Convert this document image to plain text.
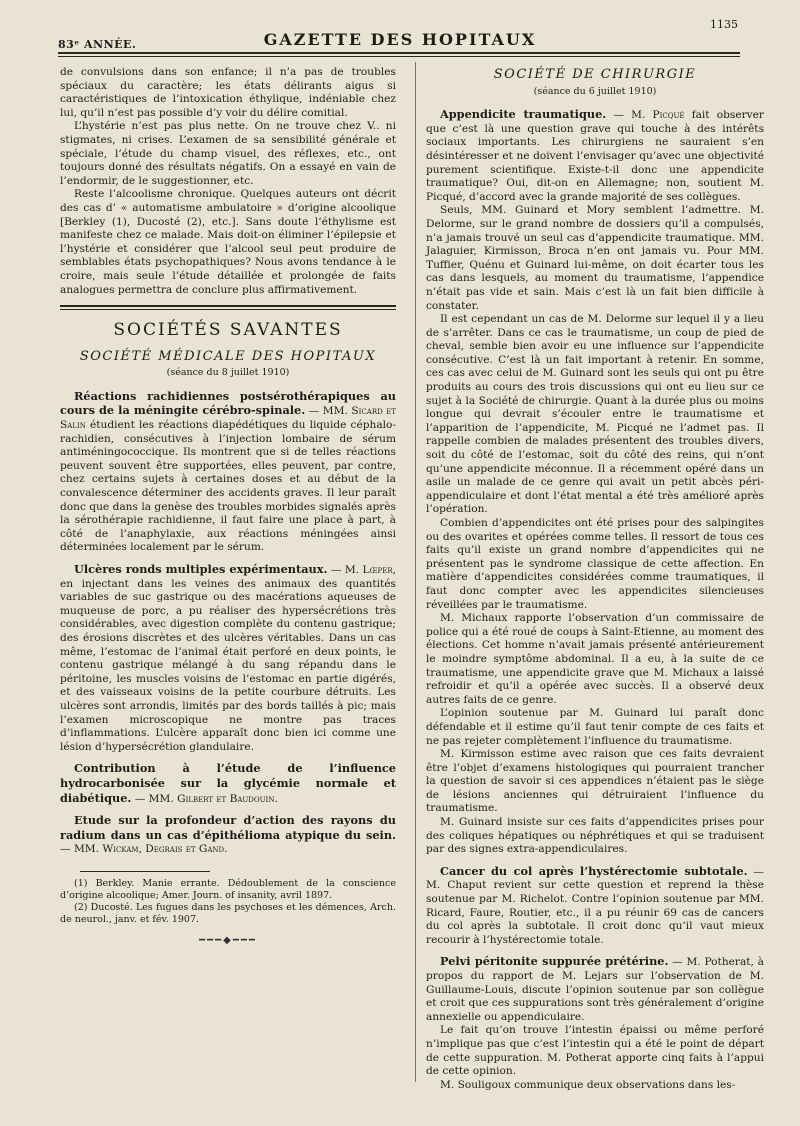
1135
83ᵉ ANNÉE.	GAZETTE DES HOPITAUX

de convulsions dans son enfance; il n’a pas de troubles spéciaux du caractère; les états délirants aigus si caractéristiques de l’intoxication éthylique, indéniable chez lui, qu’il n’est pas possible d’y voir du délire comitial.

L’hystérie n’est pas plus nette. On ne trouve chez V.. ni stigmates, ni crises. L’examen de sa sensibilité générale et spéciale, l’étude du champ visuel, des réflexes, etc., ont toujours donné des résultats négatifs. On a essayé en vain de l’endormir, de le suggestionner, etc.

Reste l’alcoolisme chronique. Quelques auteurs ont décrit des cas d’ « automatisme ambulatoire » d’origine alcoolique [Berkley (1), Ducosté (2), etc.]. Sans doute l’éthylisme est manifeste chez ce malade. Mais doit-on éliminer l’épilepsie et l’hystérie et considérer que l’alcool seul peut produire de semblables états psychopathiques? Nous avons tendance à le croire, mais seule l’étude détaillée et prolongée de faits analogues permettra de conclure plus affirmativement.

SOCIÉTÉS SAVANTES
SOCIÉTÉ MÉDICALE DES HOPITAUX
(séance du 8 juillet 1910)
Réactions rachidiennes postsérothérapiques au cours de la méningite cérébro-spinale. — MM. Sicard et Salin étudient les réactions diapédétiques du liquide céphalo-rachidien, consécutives à l’injection lombaire de sérum antiméningococcique. Ils montrent que si de telles réactions peuvent souvent être supportées, elles peuvent, par contre, chez certains sujets à certaines doses et au début de la convalescence déterminer des accidents graves. Il leur paraît donc que dans la genèse des troubles morbides signalés après la sérothérapie rachidienne, il faut faire une place à part, à côté de l’anaphylaxie, aux réactions méningées ainsi déterminées localement par le sérum.
Ulcères ronds multiples expérimentaux. — M. Lœper, en injectant dans les veines des animaux des quantités variables de suc gastrique ou des macérations aqueuses de muqueuse de porc, a pu réaliser des hypersécrétions très considérables, avec digestion complète du contenu gastrique; des érosions discrètes et des ulcères véritables. Dans un cas même, l’estomac de l’animal était perforé en deux points, le contenu gastrique mélangé à du sang répandu dans le péritoine, les muscles voisins de l’estomac en partie digérés, et des vaisseaux voisins de la petite courbure détruits. Les ulcères sont arrondis, limités par des bords taillés à pic; mais l’examen microscopique ne montre pas traces d’inflammations. L’ulcère apparaît donc bien ici comme une lésion d’hypersécrétion glandulaire.
Contribution à l’étude de l’influence hydrocarbonisée sur la glycémie normale et diabétique. — MM. Gilbert et Baudouin.
Etude sur la profondeur d’action des rayons du radium dans un cas d’épithélioma atypique du sein. — MM. Wickam, Degrais et Gand.

(1) Berkley. Manie errante. Dédoublement de la conscience d’origine alcoolique; Amer. Journ. of insanity, avril 1897.

(2) Ducosté. Les fugues dans les psychoses et les démences, Arch. de neurol., janv. et fév. 1907.

━━━◆━━━
SOCIÉTÉ DE CHIRURGIE
(séance du 6 juillet 1910)
Appendicite traumatique. — M. Picqué fait observer que c’est là une question grave qui touche à des intérêts sociaux importants. Les chirurgiens ne sauraient s’en désintéresser et ne doivent l’envisager qu’avec une objectivité purement scientifique. Existe-t-il donc une appendicite traumatique? Oui, dit-on en Allemagne; non, soutient M. Picqué, d’accord avec la grande majorité de ses collègues.

Seuls, MM. Guinard et Mory semblent l’admettre. M. Delorme, sur le grand nombre de dossiers qu’il a compulsés, n’a jamais trouvé un seul cas d’appendicite traumatique. MM. Jalaguier, Kirmisson, Broca n’en ont jamais vu. Pour MM. Tuffier, Quénu et Guinard lui-même, on doit écarter tous les cas dans lesquels, au moment du traumatisme, l’appendice n’était pas vide et sain. Mais c’est là un fait bien difficile à constater.

Il est cependant un cas de M. Delorme sur lequel il y a lieu de s’arrêter. Dans ce cas le traumatisme, un coup de pied de cheval, semble bien avoir eu une influence sur l’appendicite consécutive. C’est là un fait important à retenir. En somme, ces cas avec celui de M. Guinard sont les seuls qui ont pu être produits au cours des trois discussions qui ont eu lieu sur ce sujet à la Société de chirurgie. Quant à la durée plus ou moins longue qui devrait s’écouler entre le traumatisme et l’apparition de l’appendicite, M. Picqué ne l’admet pas. Il rappelle combien de malades présentent des troubles divers, soit du côté de l’estomac, soit du côté des reins, qui n’ont qu’une appendicite méconnue. Il a récemment opéré dans un asile un malade de ce genre qui avait un petit abcès péri-appendiculaire et dont l’état mental a été très amélioré après l’opération.

Combien d’appendicites ont été prises pour des salpingites ou des ovarites et opérées comme telles. Il ressort de tous ces faits qu’il existe un grand nombre d’appendicites qui ne présentent pas le syndrome classique de cette affection. En matière d’appendicites considérées comme traumatiques, il faut donc compter avec les appendicites silencieuses réveillées par le traumatisme.

M. Michaux rapporte l’observation d’un commissaire de police qui a été roué de coups à Saint-Etienne, au moment des élections. Cet homme n’avait jamais présenté antérieurement le moindre symptôme abdominal. Il a eu, à la suite de ce traumatisme, une appendicite grave que M. Michaux a laissé refroidir et qu’il a opérée avec succès. Il a observé deux autres faits de ce genre.

L’opinion soutenue par M. Guinard lui paraît donc défendable et il estime qu’il faut tenir compte de ces faits et ne pas rejeter complètement l’influence du traumatisme.

M. Kirmisson estime avec raison que ces faits devraient être l’objet d’examens histologiques qui pourraient trancher la question de savoir si ces appendices n’étaient pas le siège de lésions anciennes qui détruiraient l’influence du traumatisme.

M. Guinard insiste sur ces faits d’appendicites prises pour des coliques hépatiques ou néphrétiques et qui se traduisent par des signes extra-appendiculaires.

Cancer du col après l’hystérectomie subtotale. — M. Chaput revient sur cette question et reprend la thèse soutenue par M. Richelot. Contre l’opinion soutenue par MM. Ricard, Faure, Routier, etc., il a pu réunir 69 cas de cancers du col après la subtotale. Il croit donc qu’il vaut mieux recourir à l’hystérectomie totale.
Pelvi péritonite suppurée prétérine. — M. Potherat, à propos du rapport de M. Lejars sur l’observation de M. Guillaume-Louis, discute l’opinion soutenue par son collègue et croit que ces suppurations sont très généralement d’origine annexielle ou appendiculaire.

Le fait qu’on trouve l’intestin épaissi ou même perforé n’implique pas que c’est l’intestin qui a été le point de départ de cette suppuration. M. Potherat apporte cinq faits à l’appui de cette opinion.

M. Souligoux communique deux observations dans les-
